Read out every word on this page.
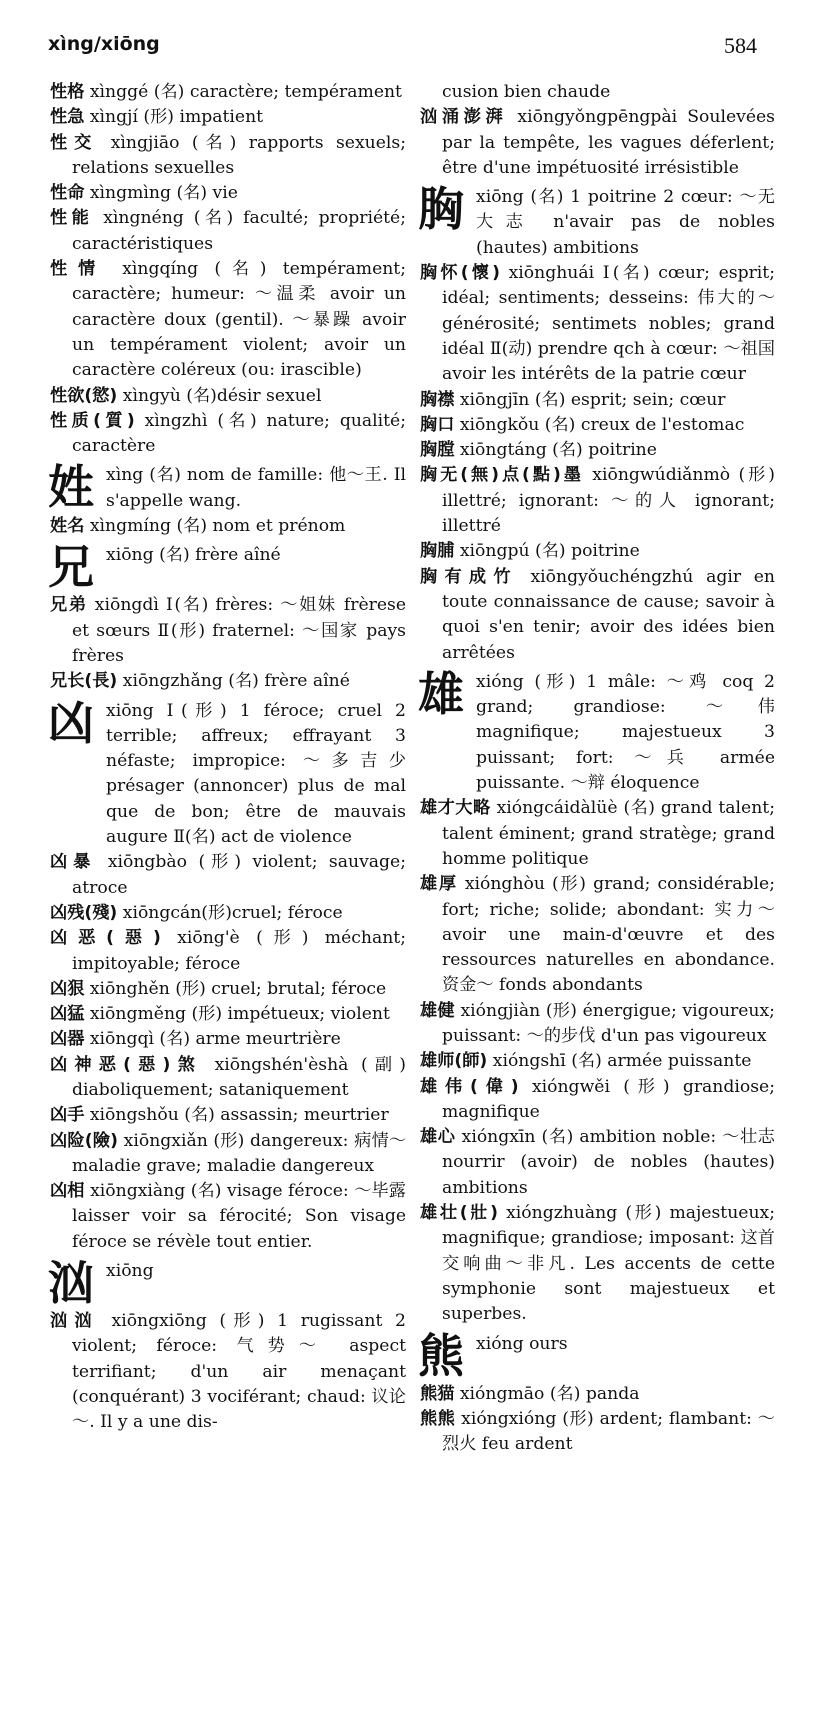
xìng/xiōng	584
性格 xìnggé (名) caractère; tempérament
性急 xìngjí (形) impatient
性交 xìngjiāo (名) rapports sexuels; relations sexuelles
性命 xìngmìng (名) vie
性能 xìngnéng (名) faculté; propriété; caractéristiques
性情 xìngqíng (名) tempérament; caractère; humeur: ～温柔 avoir un caractère doux (gentil). ～暴躁 avoir un tempérament violent; avoir un caractère coléreux (ou: irascible)
性欲(慾) xìngyù (名)désir sexuel
性质(質) xìngzhì (名) nature; qualité; caractère
姓 xìng (名) nom de famille: 他～王. Il s'appelle wang.
姓名 xìngmíng (名) nom et prénom
兄 xiōng (名) frère aîné
兄弟 xiōngdì Ⅰ(名) frères: ～姐妹 frèrese et sœurs Ⅱ(形) fraternel: ～国家 pays frères
兄长(長) xiōngzhǎng (名) frère aîné
凶 xiōng Ⅰ(形) 1 féroce; cruel 2 terrible; affreux; effrayant 3 néfaste; impropice: ～多吉少 présager (annoncer) plus de mal que de bon; être de mauvais augure Ⅱ(名) act de violence
凶暴 xiōngbào (形) violent; sauvage; atroce
凶残(殘) xiōngcán(形)cruel; féroce
凶恶(惡) xiōng'è (形) méchant; impitoyable; féroce
凶狠 xiōnghěn (形) cruel; brutal; féroce
凶猛 xiōngměng (形) impétueux; violent
凶器 xiōngqì (名) arme meurtrière
凶神恶(惡)煞 xiōngshén'èshà (副) diaboliquement; sataniquement
凶手 xiōngshǒu (名) assassin; meurtrier
凶险(險) xiōngxiǎn (形) dangereux: 病情～ maladie grave; maladie dangereux
凶相 xiōngxiàng (名) visage féroce: ～毕露 laisser voir sa férocité; Son visage féroce se révèle tout entier.
汹 xiōng
汹汹 xiōngxiōng (形) 1 rugissant 2 violent; féroce: 气势～ aspect terrifiant; d'un air menaçant (conquérant) 3 vociférant; chaud: 议论～. Il y a une dis-
cusion bien chaude
汹涌澎湃 xiōngyǒngpēngpài Soulevées par la tempête, les vagues déferlent; être d'une impétuosité irrésistible
胸 xiōng (名) 1 poitrine 2 cœur: ～无大志 n'avair pas de nobles (hautes) ambitions
胸怀(懷) xiōnghuái Ⅰ(名) cœur; esprit; idéal; sentiments; desseins: 伟大的～ générosité; sentimets nobles; grand idéal Ⅱ(动) prendre qch à cœur: ～祖国 avoir les intérêts de la patrie cœur
胸襟 xiōngjīn (名) esprit; sein; cœur
胸口 xiōngkǒu (名) creux de l'estomac
胸膛 xiōngtáng (名) poitrine
胸无(無)点(點)墨 xiōngwúdiǎnmò (形) illettré; ignorant: ～的人 ignorant; illettré
胸脯 xiōngpú (名) poitrine
胸有成竹 xiōngyǒuchéngzhú agir en toute connaissance de cause; savoir à quoi s'en tenir; avoir des idées bien arrêtées
雄 xióng (形) 1 mâle: ～鸡 coq 2 grand; grandiose: ～伟 magnifique; majestueux 3 puissant; fort: ～兵 armée puissante. ～辩 éloquence
雄才大略 xióngcáidàlüè (名) grand talent; talent éminent; grand stratège; grand homme politique
雄厚 xiónghòu (形) grand; considérable; fort; riche; solide; abondant: 实力～ avoir une main-d'œuvre et des ressources naturelles en abondance. 资金～ fonds abondants
雄健 xióngjiàn (形) énergigue; vigoureux; puissant: ～的步伐 d'un pas vigoureux
雄师(師) xióngshī (名) armée puissante
雄伟(偉) xióngwěi (形) grandiose; magnifique
雄心 xióngxīn (名) ambition noble: ～壮志 nourrir (avoir) de nobles (hautes) ambitions
雄壮(壯) xióngzhuàng (形) majestueux; magnifique; grandiose; imposant: 这首交响曲～非凡. Les accents de cette symphonie sont majestueux et superbes.
熊 xióng ours
熊猫 xióngmāo (名) panda
熊熊 xióngxióng (形) ardent; flambant: ～烈火 feu ardent
